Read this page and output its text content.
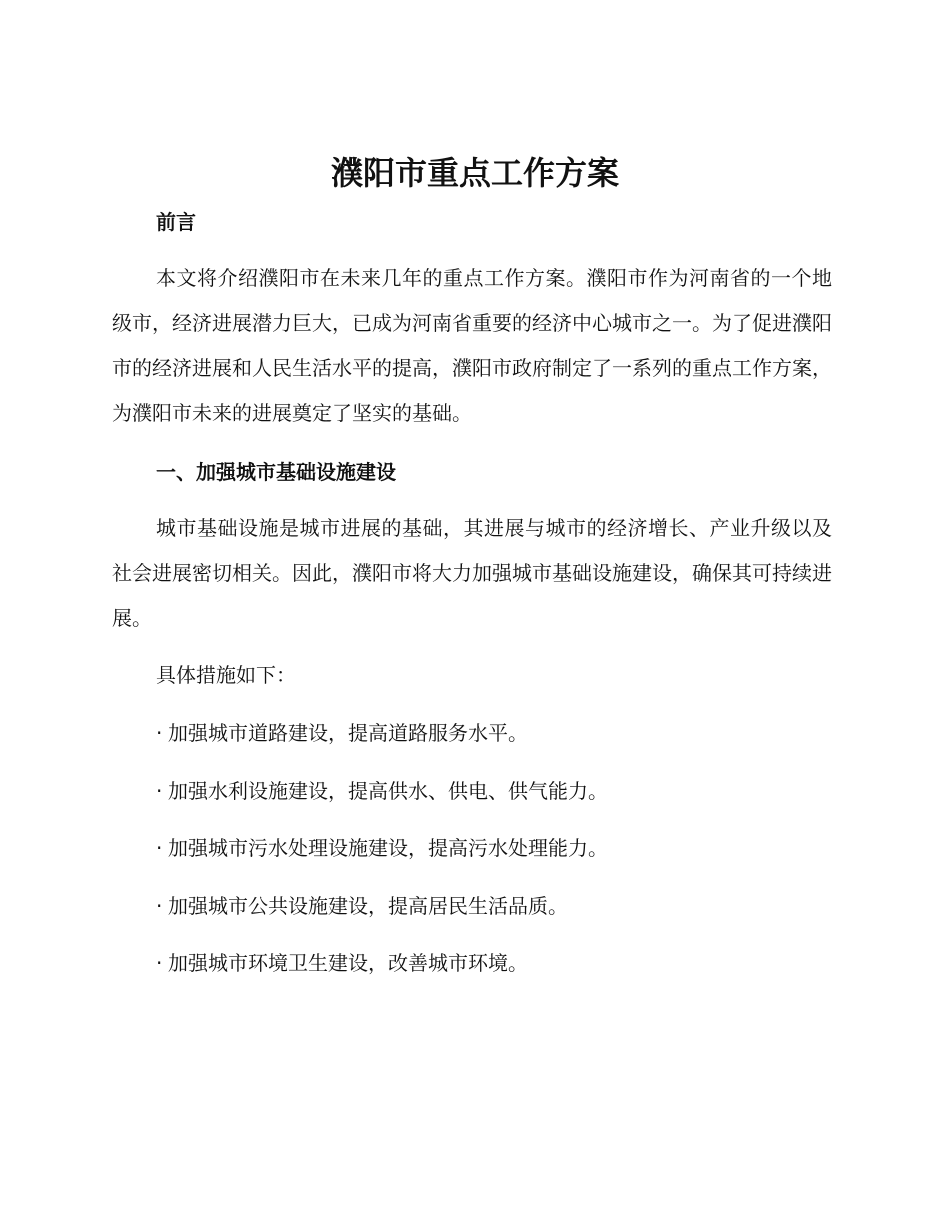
濮阳市重点工作方案
前言

本文将介绍濮阳市在未来几年的重点工作方案。濮阳市作为河南省的一个地级市，经济进展潜力巨大，已成为河南省重要的经济中心城市之一。为了促进濮阳市的经济进展和人民生活水平的提高，濮阳市政府制定了一系列的重点工作方案，为濮阳市未来的进展奠定了坚实的基础。

一、加强城市基础设施建设

城市基础设施是城市进展的基础，其进展与城市的经济增长、产业升级以及社会进展密切相关。因此，濮阳市将大力加强城市基础设施建设，确保其可持续进展。

具体措施如下：

· 加强城市道路建设，提高道路服务水平。

· 加强水利设施建设，提高供水、供电、供气能力。

· 加强城市污水处理设施建设，提高污水处理能力。

· 加强城市公共设施建设，提高居民生活品质。

· 加强城市环境卫生建设，改善城市环境。
